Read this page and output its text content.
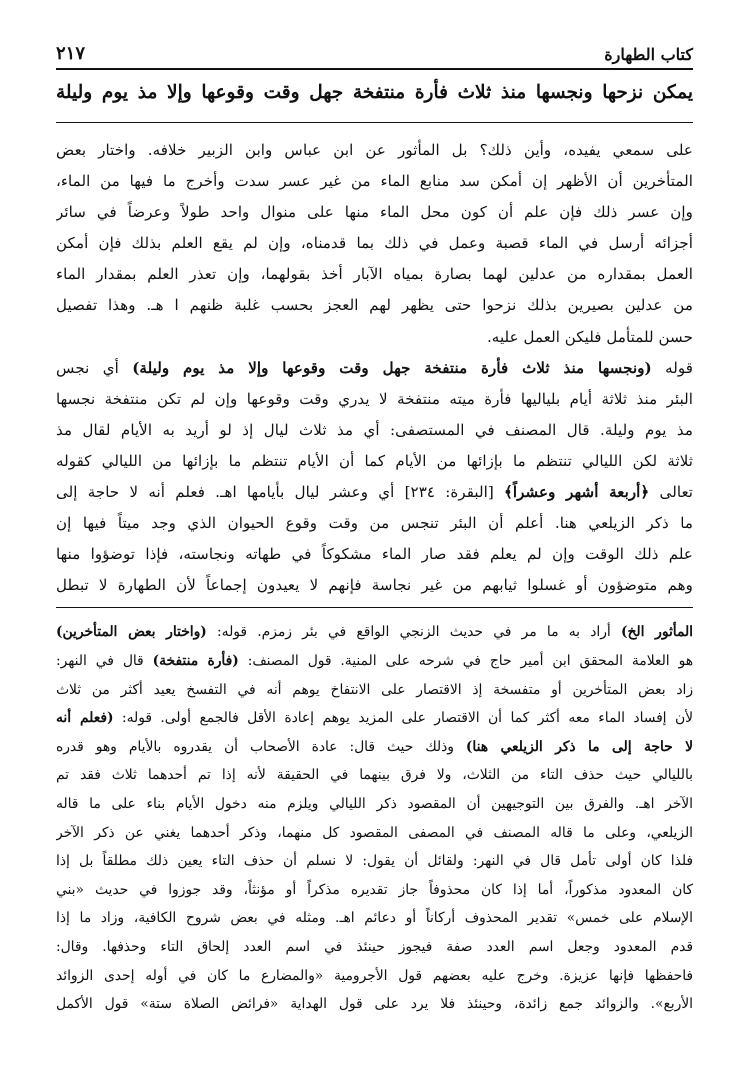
كتاب الطهارة
٢١٧
يمكن نزحها ونجسها منذ ثلاث فأرة منتفخة جهل وقت وقوعها وإلا مذ يوم وليلة
على سمعي يفيده، وأين ذلك؟ بل المأثور عن ابن عباس وابن الزبير خلافه. واختار بعض
المتأخرين أن الأظهر إن أمكن سد منابع الماء من غير عسر سدت وأخرج ما فيها من الماء،
وإن عسر ذلك فإن علم أن كون محل الماء منها على منوال واحد طولاً وعرضاً في سائر
أجزائه أرسل في الماء قصبة وعمل في ذلك بما قدمناه، وإن لم يقع العلم بذلك فإن أمكن
العمل بمقداره من عدلين لهما بصارة بمياه الآبار أخذ بقولهما، وإن تعذر العلم بمقدار الماء
من عدلين بصيرين بذلك نزحوا حتى يظهر لهم العجز بحسب غلبة ظنهم ا هـ. وهذا تفصيل
حسن للمتأمل فليكن العمل عليه.
قوله (ونجسها منذ ثلاث فأرة منتفخة جهل وقت وقوعها وإلا مذ يوم وليلة) أي نجس
البئر منذ ثلاثة أيام بلياليها فأرة ميته منتفخة لا يدري وقت وقوعها وإن لم تكن منتفخة نجسها
مذ يوم وليلة. قال المصنف في المستصفى: أي مذ ثلاث ليال إذ لو أريد به الأيام لقال مذ
ثلاثة لكن الليالي تنتظم ما بإزائها من الأيام كما أن الأيام تنتظم ما بإزائها من الليالي كقوله
تعالى ﴿أربعة أشهر وعشراً﴾ [البقرة: ٢٣٤] أي وعشر ليال بأيامها اهـ. فعلم أنه لا حاجة إلى
ما ذكر الزيلعي هنا. أعلم أن البئر تنجس من وقت وقوع الحيوان الذي وجد ميتاً فيها إن
علم ذلك الوقت وإن لم يعلم فقد صار الماء مشكوكاً في طهاته ونجاسته، فإذا توضؤوا منها
وهم متوضؤون أو غسلوا ثيابهم من غير نجاسة فإنهم لا يعيدون إجماعاً لأن الطهارة لا تبطل
المأثور الخ) أراد به ما مر في حديث الزنجي الواقع في بئر زمزم. قوله: (واختار بعض المتأخرين)
هو العلامة المحقق ابن أمير حاج في شرحه على المنية. قول المصنف: (فأرة منتفخة) قال في النهر:
زاد بعض المتأخرين أو متفسخة إذ الاقتصار على الانتفاخ يوهم أنه في التفسخ يعيد أكثر من ثلاث
لأن إفساد الماء معه أكثر كما أن الاقتصار على المزيد يوهم إعادة الأقل فالجمع أولى. قوله: (فعلم أنه
لا حاجة إلى ما ذكر الزيلعي هنا) وذلك حيث قال: عادة الأصحاب أن يقدروه بالأيام وهو قدره
بالليالي حيث حذف التاء من الثلاث، ولا فرق بينهما في الحقيقة لأنه إذا تم أحدهما ثلاث فقد تم
الآخر اهـ. والفرق بين التوجيهين أن المقصود ذكر الليالي ويلزم منه دخول الأيام بناء على ما قاله
الزيلعي، وعلى ما قاله المصنف في المصفى المقصود كل منهما، وذكر أحدهما يغني عن ذكر الآخر
فلذا كان أولى تأمل قال في النهر: ولقائل أن يقول: لا نسلم أن حذف التاء يعين ذلك مطلقاً بل إذا
كان المعدود مذكوراً، أما إذا كان محذوفاً جاز تقديره مذكراً أو مؤنثاً، وقد جوزوا في حديث «بني
الإسلام على خمس» تقدير المحذوف أركاناً أو دعائم اهـ. ومثله في بعض شروح الكافية، وزاد ما إذا
قدم المعدود وجعل اسم العدد صفة فيجوز حينئذ في اسم العدد إلحاق التاء وحذفها. وقال:
فاحفظها فإنها عزيزة. وخرج عليه بعضهم قول الأجرومية «والمضارع ما كان في أوله إحدى الزوائد
الأربع». والزوائد جمع زائدة، وحينئذ فلا يرد على قول الهداية «فرائض الصلاة ستة» قول الأكمل
